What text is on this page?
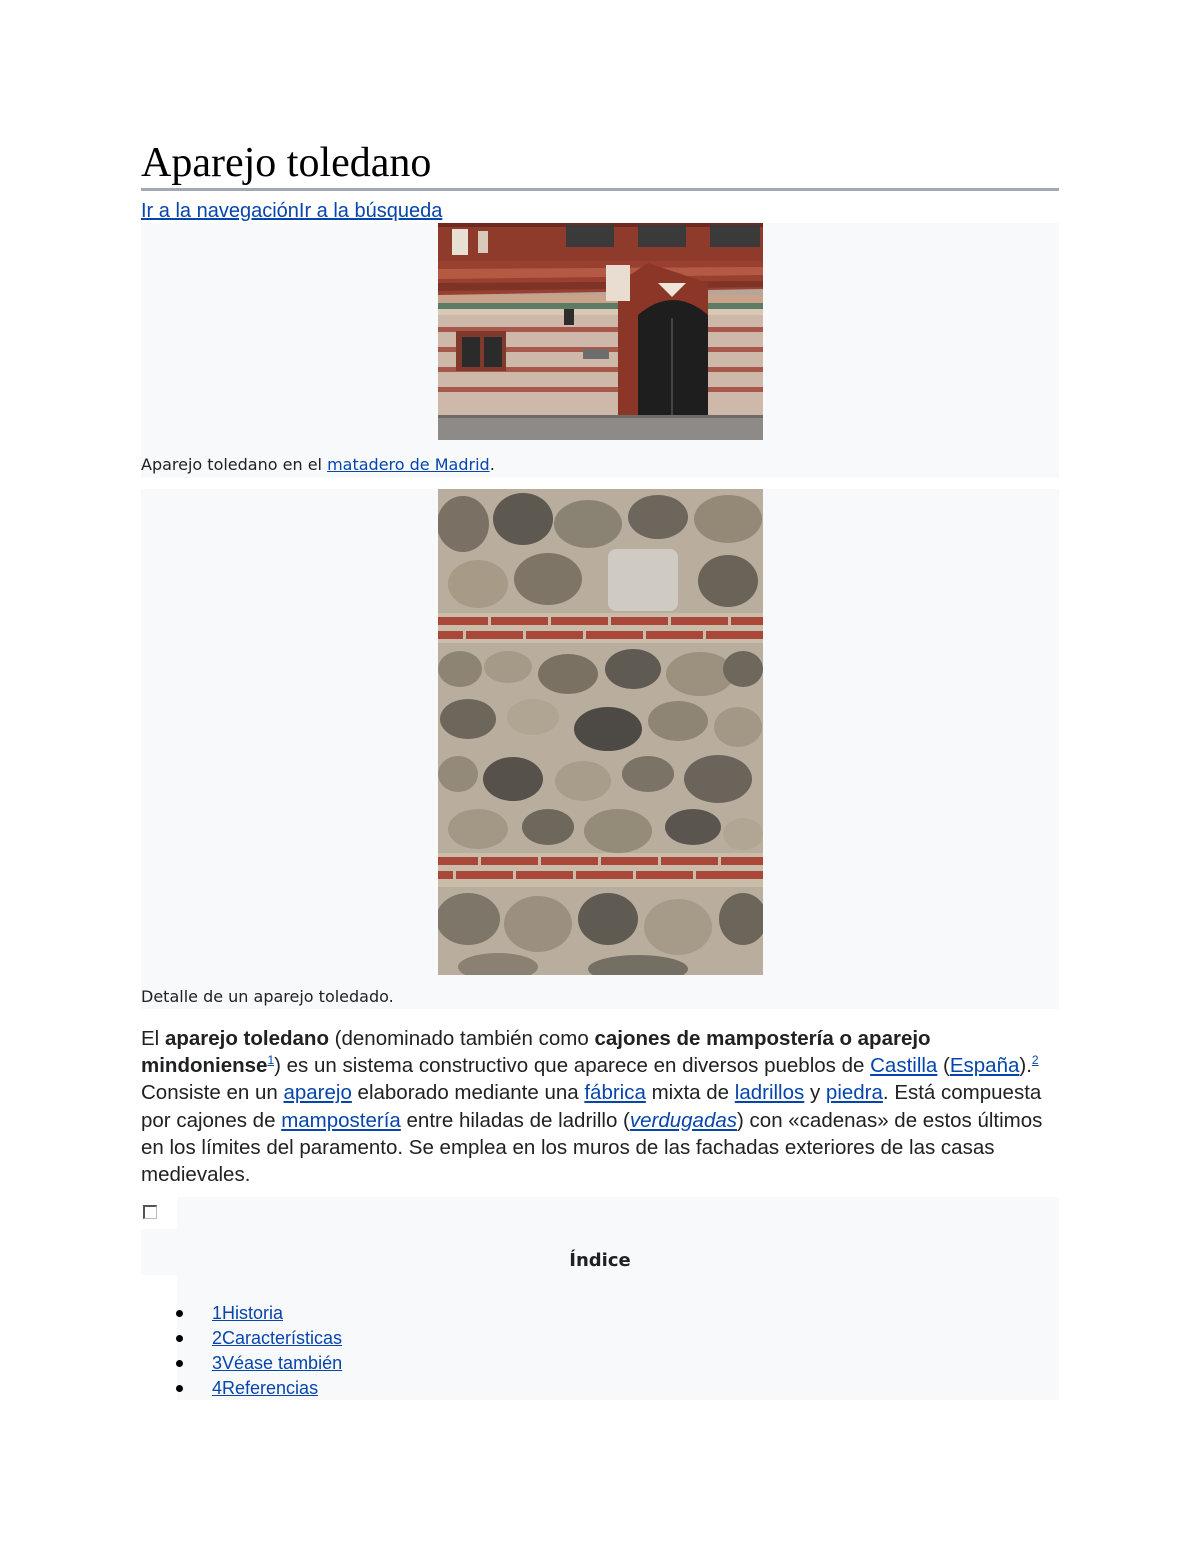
Aparejo toledano
Ir a la navegaciónIr a la búsqueda
Aparejo toledano en el matadero de Madrid.
Detalle de un aparejo toledado.

El aparejo toledano (denominado también como cajones de mampostería o aparejo mindoniense$^1$) es un sistema constructivo que aparece en diversos pueblos de Castilla (España).$^2$ Consiste en un aparejo elaborado mediante una fábrica mixta de ladrillos y piedra. Está compuesta por cajones de mampostería entre hiladas de ladrillo (verdugadas) con «cadenas» de estos últimos en los límites del paramento. Se emplea en los muros de las fachadas exteriores de las casas medievales.

Índice
1Historia
2Características
3Véase también
4Referencias
